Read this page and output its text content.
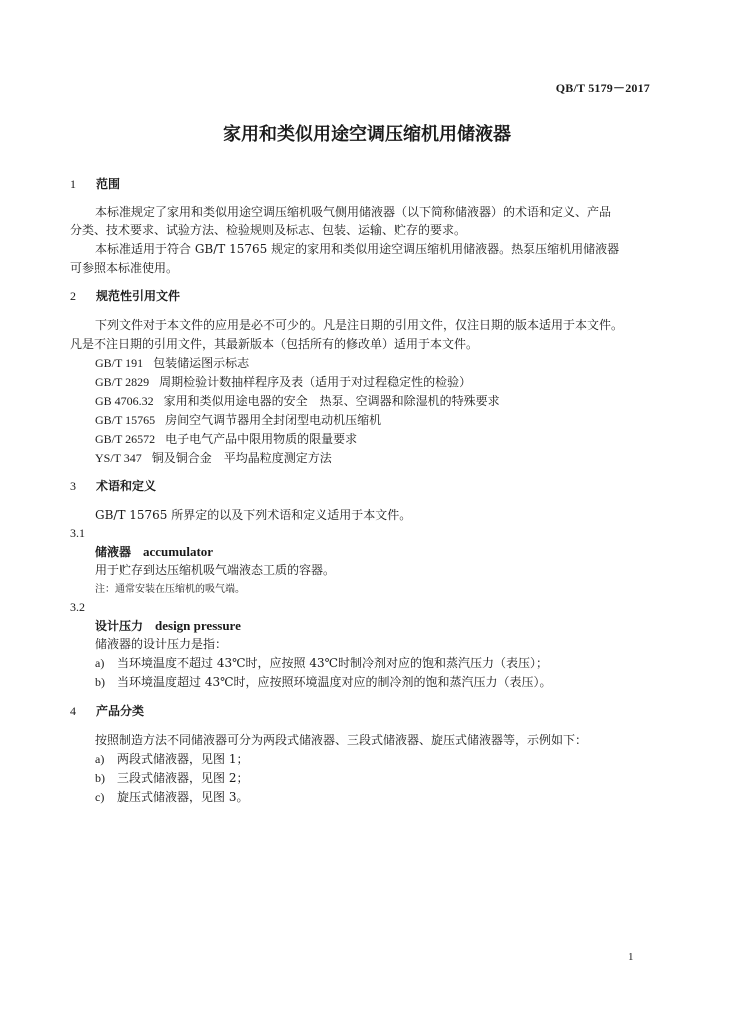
QB/T 5179－2017
家用和类似用途空调压缩机用储液器
1 范围
本标准规定了家用和类似用途空调压缩机吸气侧用储液器（以下简称储液器）的术语和定义、产品
分类、技术要求、试验方法、检验规则及标志、包装、运输、贮存的要求。
本标准适用于符合 GB/T 15765 规定的家用和类似用途空调压缩机用储液器。热泵压缩机用储液器
可参照本标准使用。
2 规范性引用文件
下列文件对于本文件的应用是必不可少的。凡是注日期的引用文件，仅注日期的版本适用于本文件。
凡是不注日期的引用文件，其最新版本（包括所有的修改单）适用于本文件。
GB/T 191 包装储运图示标志
GB/T 2829 周期检验计数抽样程序及表（适用于对过程稳定性的检验）
GB 4706.32 家用和类似用途电器的安全　热泵、空调器和除湿机的特殊要求
GB/T 15765 房间空气调节器用全封闭型电动机压缩机
GB/T 26572 电子电气产品中限用物质的限量要求
YS/T 347 铜及铜合金　平均晶粒度测定方法
3 术语和定义
GB/T 15765 所界定的以及下列术语和定义适用于本文件。
3.1
储液器 accumulator
用于贮存到达压缩机吸气端液态工质的容器。
注：通常安装在压缩机的吸气端。
3.2
设计压力 design pressure
储液器的设计压力是指：
a) 当环境温度不超过 43℃时，应按照 43℃时制冷剂对应的饱和蒸汽压力（表压）；
b) 当环境温度超过 43℃时，应按照环境温度对应的制冷剂的饱和蒸汽压力（表压）。
4 产品分类
按照制造方法不同储液器可分为两段式储液器、三段式储液器、旋压式储液器等，示例如下：
a) 两段式储液器，见图 1；
b) 三段式储液器，见图 2；
c) 旋压式储液器，见图 3。
1
